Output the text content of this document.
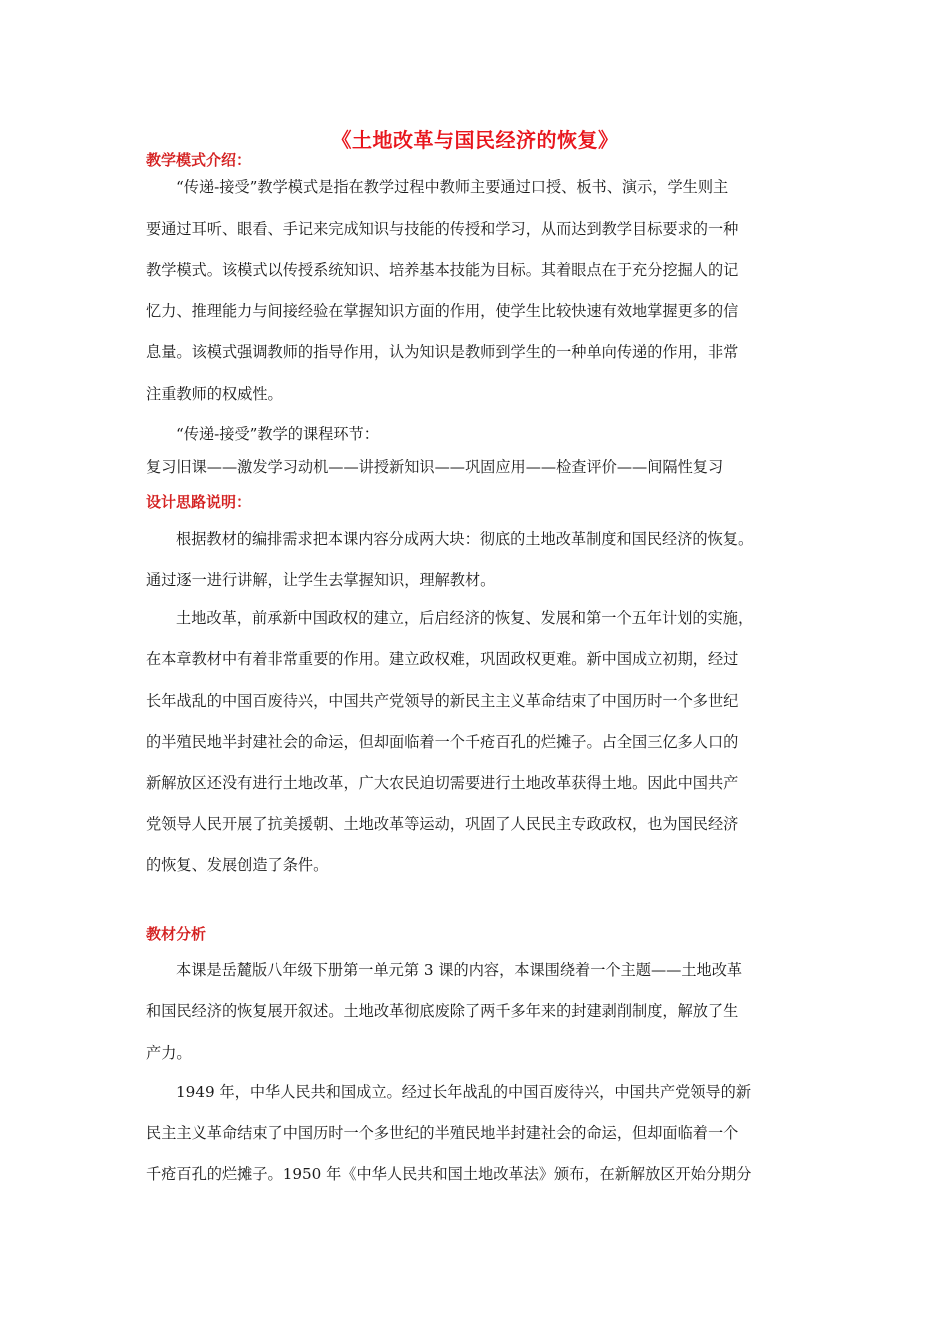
《土地改革与国民经济的恢复》
教学模式介绍：
“传递-接受”教学模式是指在教学过程中教师主要通过口授、板书、演示，学生则主
要通过耳听、眼看、手记来完成知识与技能的传授和学习，从而达到教学目标要求的一种
教学模式。该模式以传授系统知识、培养基本技能为目标。其着眼点在于充分挖掘人的记
忆力、推理能力与间接经验在掌握知识方面的作用，使学生比较快速有效地掌握更多的信
息量。该模式强调教师的指导作用，认为知识是教师到学生的一种单向传递的作用，非常
注重教师的权威性。
“传递-接受”教学的课程环节：
复习旧课——激发学习动机——讲授新知识——巩固应用——检查评价——间隔性复习
设计思路说明：
根据教材的编排需求把本课内容分成两大块：彻底的土地改革制度和国民经济的恢复。
通过逐一进行讲解，让学生去掌握知识，理解教材。
土地改革，前承新中国政权的建立，后启经济的恢复、发展和第一个五年计划的实施，
在本章教材中有着非常重要的作用。建立政权难，巩固政权更难。新中国成立初期，经过
长年战乱的中国百废待兴，中国共产党领导的新民主主义革命结束了中国历时一个多世纪
的半殖民地半封建社会的命运，但却面临着一个千疮百孔的烂摊子。占全国三亿多人口的
新解放区还没有进行土地改革，广大农民迫切需要进行土地改革获得土地。因此中国共产
党领导人民开展了抗美援朝、土地改革等运动，巩固了人民民主专政政权，也为国民经济
的恢复、发展创造了条件。
教材分析
本课是岳麓版八年级下册第一单元第 3 课的内容，本课围绕着一个主题——土地改革
和国民经济的恢复展开叙述。土地改革彻底废除了两千多年来的封建剥削制度，解放了生
产力。
1949 年，中华人民共和国成立。经过长年战乱的中国百废待兴，中国共产党领导的新
民主主义革命结束了中国历时一个多世纪的半殖民地半封建社会的命运，但却面临着一个
千疮百孔的烂摊子。1950 年《中华人民共和国土地改革法》颁布，在新解放区开始分期分
